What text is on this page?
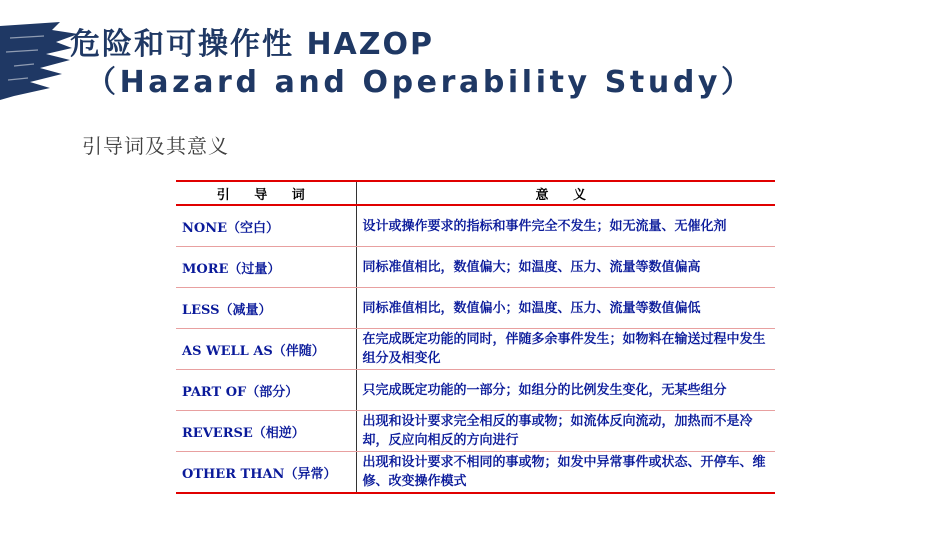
危险和可操作性 HAZOP
（Hazard and Operability Study）
引导词及其意义
引 导 词	意 义
NONE（空白）	设计或操作要求的指标和事件完全不发生；如无流量、无催化剂
MORE（过量）	同标准值相比，数值偏大；如温度、压力、流量等数值偏高
LESS（减量）	同标准值相比，数值偏小；如温度、压力、流量等数值偏低
AS WELL AS（伴随）	在完成既定功能的同时，伴随多余事件发生；如物料在输送过程中发生组分及相变化
PART OF（部分）	只完成既定功能的一部分；如组分的比例发生变化，无某些组分
REVERSE（相逆）	出现和设计要求完全相反的事或物；如流体反向流动，加热而不是冷却，反应向相反的方向进行
OTHER THAN（异常）	出现和设计要求不相同的事或物；如发中异常事件或状态、开停车、维修、改变操作模式
